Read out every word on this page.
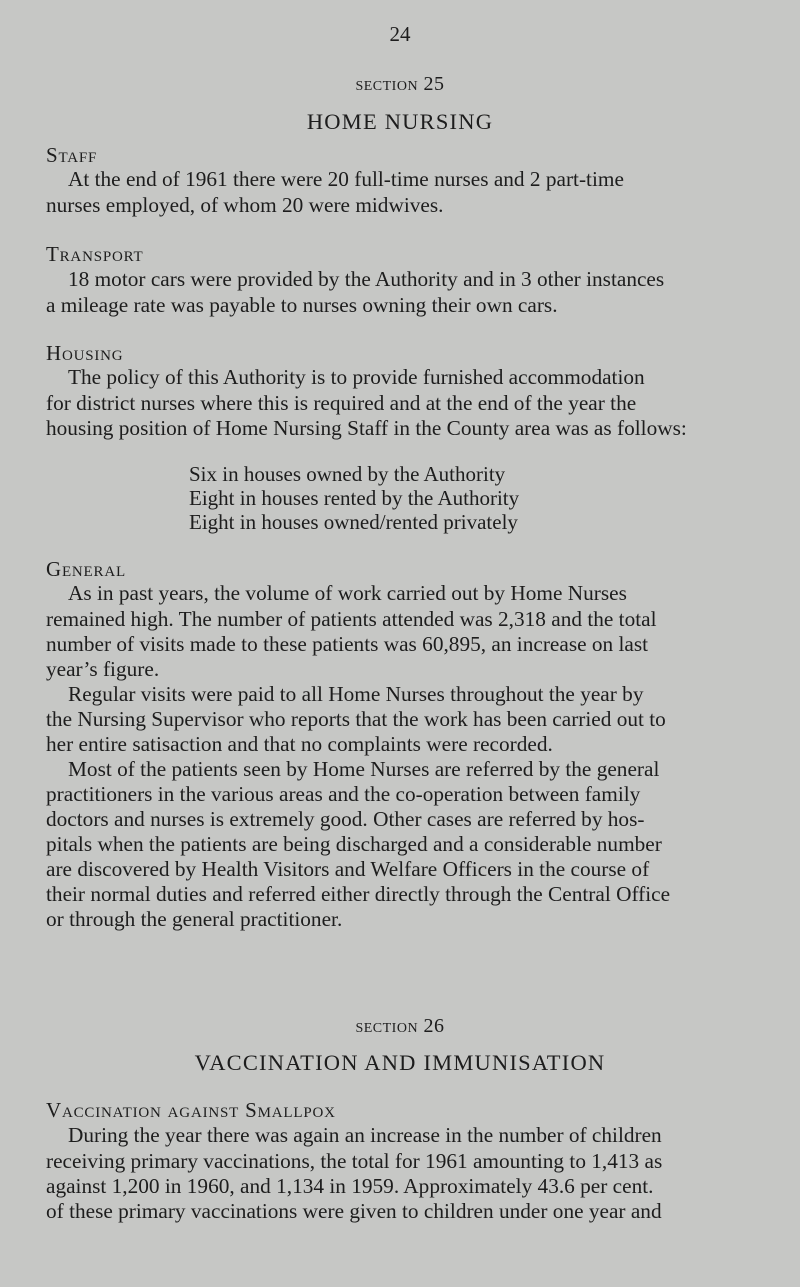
24
section 25
HOME NURSING
Staff
At the end of 1961 there were 20 full-time nurses and 2 part-time
nurses employed, of whom 20 were midwives.
Transport
18 motor cars were provided by the Authority and in 3 other instances
a mileage rate was payable to nurses owning their own cars.
Housing
The policy of this Authority is to provide furnished accommodation
for district nurses where this is required and at the end of the year the
housing position of Home Nursing Staff in the County area was as follows:
Six in houses owned by the Authority
Eight in houses rented by the Authority
Eight in houses owned/rented privately
General
As in past years, the volume of work carried out by Home Nurses
remained high. The number of patients attended was 2,318 and the total
number of visits made to these patients was 60,895, an increase on last
year’s figure.
Regular visits were paid to all Home Nurses throughout the year by
the Nursing Supervisor who reports that the work has been carried out to
her entire satisaction and that no complaints were recorded.
Most of the patients seen by Home Nurses are referred by the general
practitioners in the various areas and the co-operation between family
doctors and nurses is extremely good. Other cases are referred by hos-
pitals when the patients are being discharged and a considerable number
are discovered by Health Visitors and Welfare Officers in the course of
their normal duties and referred either directly through the Central Office
or through the general practitioner.
section 26
VACCINATION AND IMMUNISATION
Vaccination against Smallpox
During the year there was again an increase in the number of children
receiving primary vaccinations, the total for 1961 amounting to 1,413 as
against 1,200 in 1960, and 1,134 in 1959. Approximately 43.6 per cent.
of these primary vaccinations were given to children under one year and
